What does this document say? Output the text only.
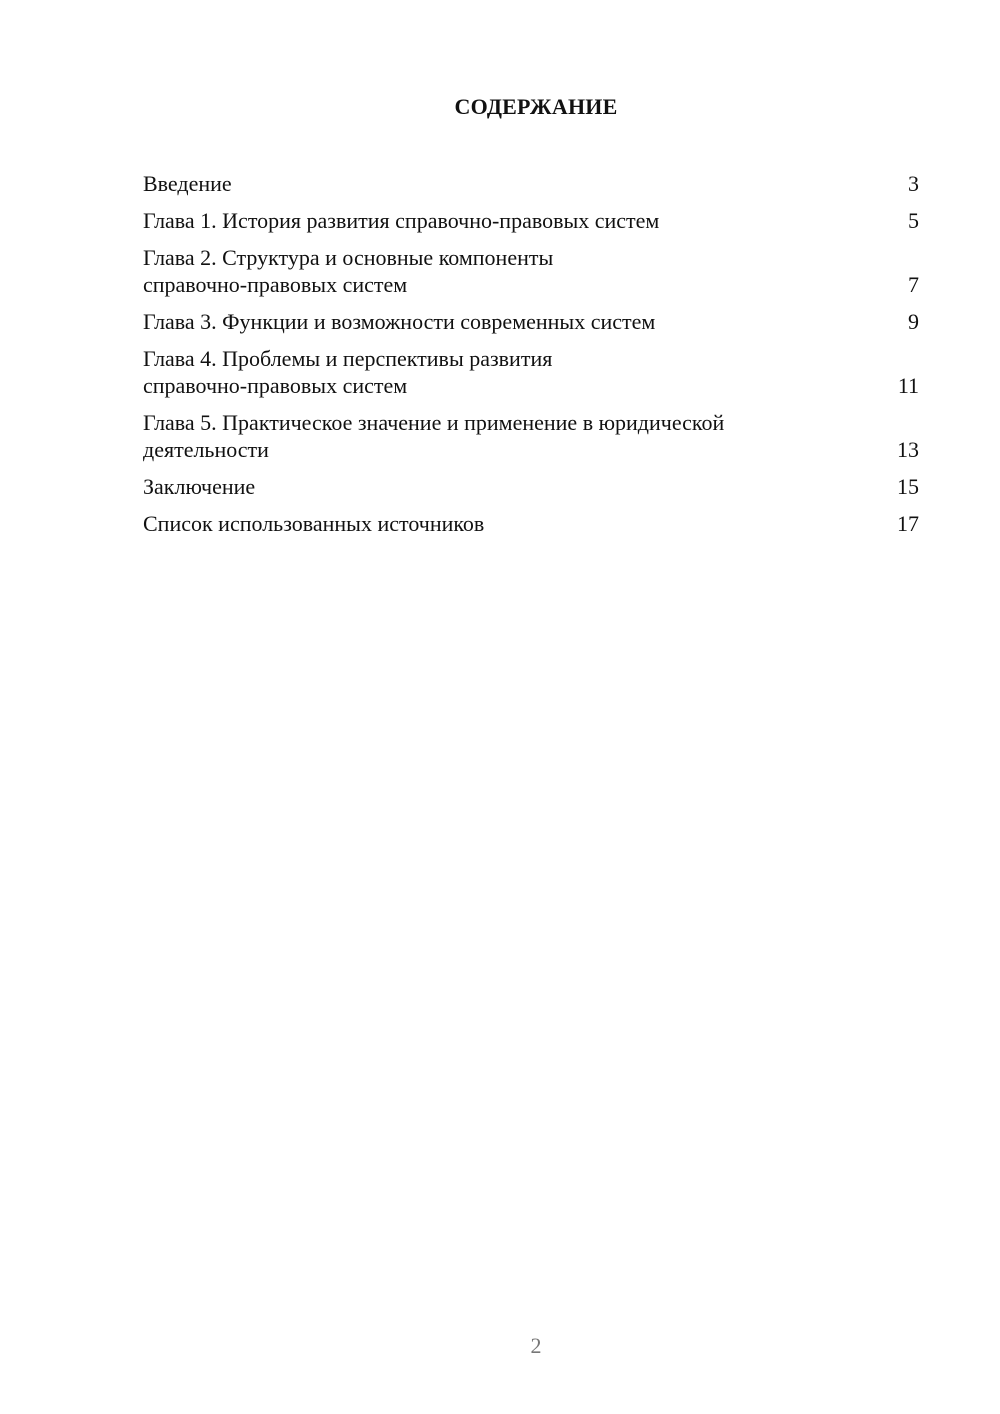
СОДЕРЖАНИЕ
Введение	3
Глава 1. История развития справочно-правовых систем	5
Глава 2. Структура и основные компоненты
справочно-правовых систем	7
Глава 3. Функции и возможности современных систем	9
Глава 4. Проблемы и перспективы развития
справочно-правовых систем	11
Глава 5. Практическое значение и применение в юридической
деятельности	13
Заключение	15
Список использованных источников	17
2
